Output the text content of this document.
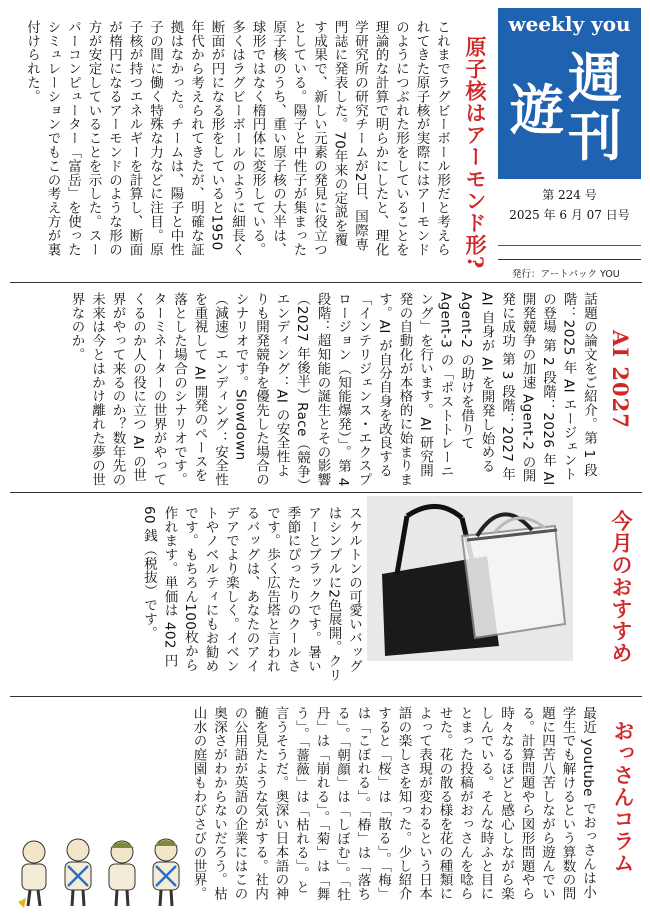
weekly you
週
刊
遊
第 224 号
2025 年 6 月 07 日号
発行：アートパック YOU
原子核はアーモンド形?
これまでラグビーボール形だと考えられてきた原子核が実際にはアーモンドのようにつぶれた形をしていることを理論的な計算で明らかにしたと、理化学研究所の研究チームが2日、国際専門誌に発表した。70年来の定説を覆す成果で、新しい元素の発見に役立つとしている。陽子と中性子が集まった原子核のうち、重い原子核の大半は、球形ではなく楕円体に変形している。多くはラグビーボールのように細長く断面が円になる形をしていると1950年代から考えられてきたが、明確な証拠はなかった。チームは、陽子と中性子の間に働く特殊な力などに注目。原子核が持つエネルギーを計算し、断面が楕円になるアーモンドのような形の方が安定していることを示した。スーパーコンピューター「富岳」を使ったシミュレーションでもこの考え方が裏付けられた。
AI 2027
話題の論文をご紹介。第 1 段階：2025 年 AI エージェントの登場 第 2 段階：2026 年 AI 開発競争の加速 Agent-2 の開発に成功 第 3 段階：2027 年 AI 自身が AI を開発し始める Agent-2 の助けを借りて Agent-3 の「ポストトレーニング」を行います。AI 研究開発の自動化が本格的に始まります。AI が自分自身を改良する「インテリジェンス・エクスプロージョン（知能爆発）」。第 4 段階：超知能の誕生とその影響（2027 年後半）Race（競争）エンディング：AI の安全性よりも開発競争を優先した場合のシナリオです。Slowdown（減速）エンディング：安全性を重視して AI 開発のペースを落とした場合のシナリオです。ターミネーターの世界がやってくるのか人の役に立つ AI の世界がやって来るのか？数年先の未来は今とはかけ離れた夢の世界なのか。
今月のおすすめ
スケルトンの可愛いバッグはシンプルに2色展開。クリアーとブラックです。暑い季節にぴったりのクールさです。歩く広告塔と言われるバッグは、あなたのアイデアでより楽しく。イベントやノベルティにもお勧めです。もちろん100枚から作れます。単価は 402 円 60 銭（税抜）です。
おっさんコラム
最近 youtube でおっさんは小学生でも解けるという算数の問題に四苦八苦しながら遊んでいる。計算問題やら図形問題やら時々なるほどと感心しながら楽しんでいる。そんな時ふと目にとまった投稿がおっさんを唸らせた。花の散る様を花の種類によって表現が変わるという日本語の楽しさを知った。少し紹介すると「桜」は「散る」。「梅」は「こぼれる」。「椿」は「落ちる」。「朝顔」は「しぼむ」。「牡丹」は「崩れる」。「菊」は「舞う」。「薔薇」は「枯れる」。と言うそうだ。奥深い日本語の神髄を見たような気がする。社内の公用語が英語の企業にはこの奥深さがわからないだろう。枯山水の庭園もわびさびの世界。
